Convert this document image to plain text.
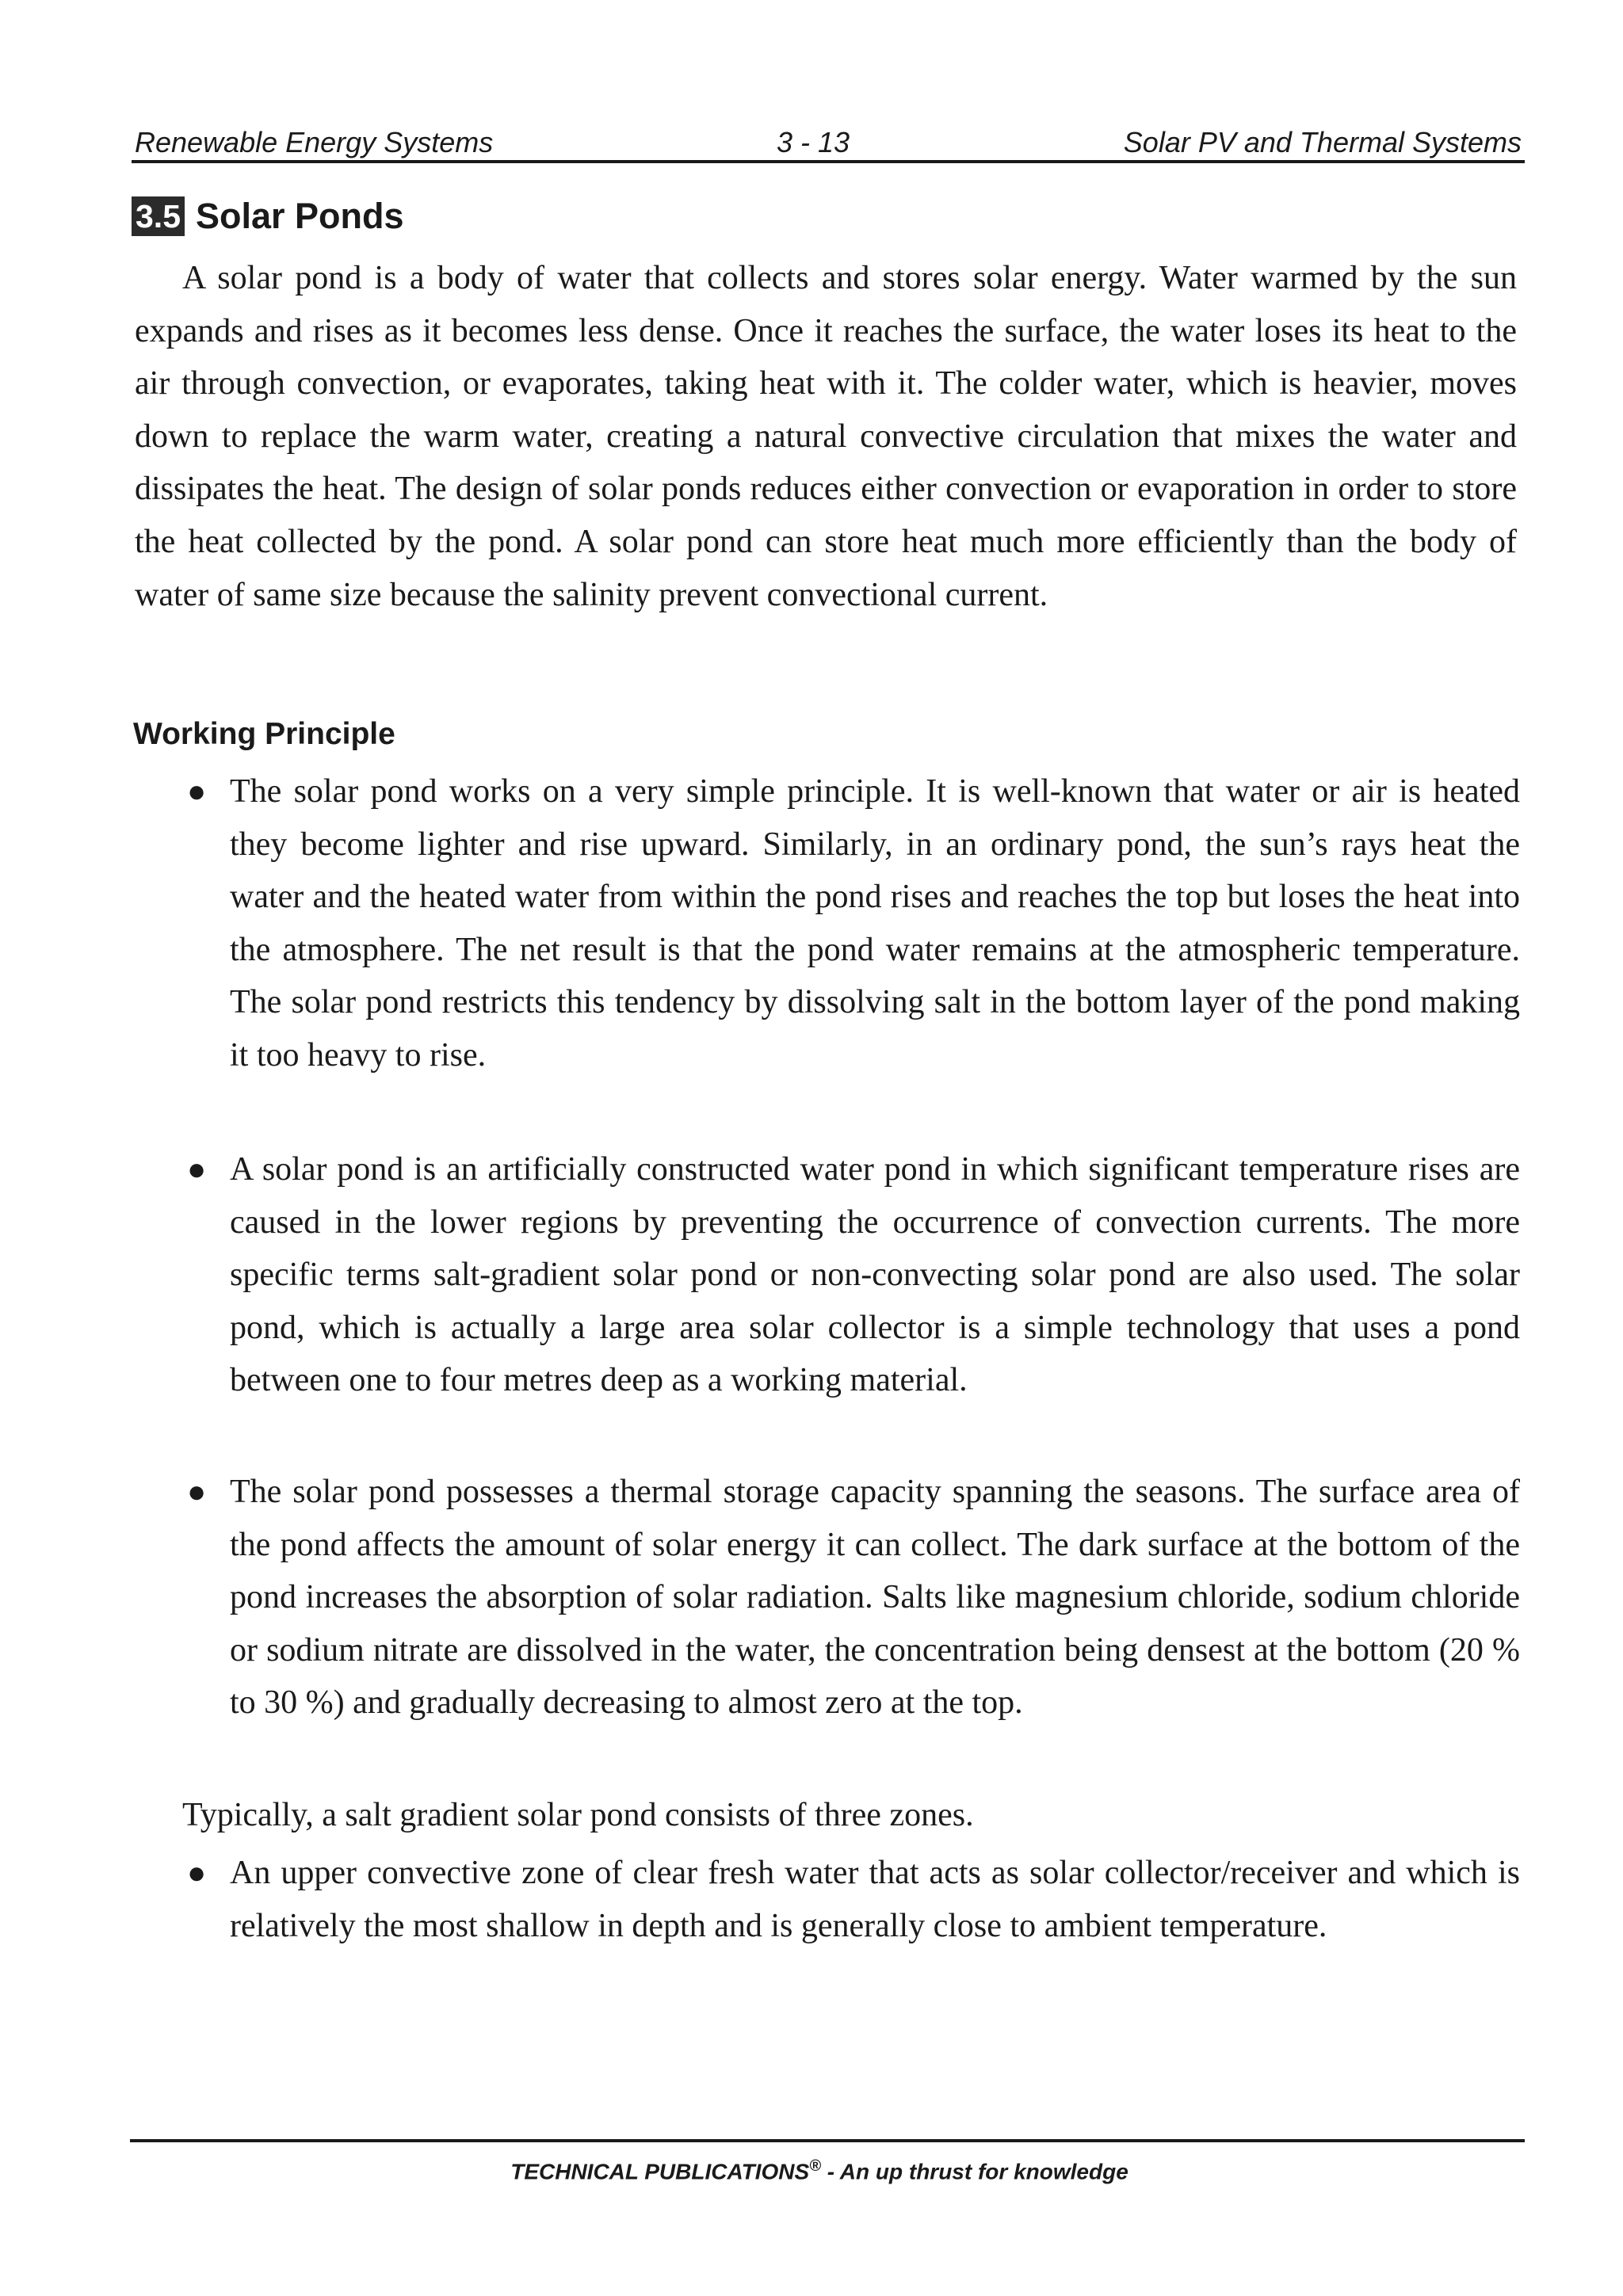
Renewable Energy Systems	3 - 13	Solar PV and Thermal Systems
3.5 Solar Ponds
A solar pond is a body of water that collects and stores solar energy. Water warmed by the sun expands and rises as it becomes less dense. Once it reaches the surface, the water loses its heat to the air through convection, or evaporates, taking heat with it. The colder water, which is heavier, moves down to replace the warm water, creating a natural convective circulation that mixes the water and dissipates the heat. The design of solar ponds reduces either convection or evaporation in order to store the heat collected by the pond. A solar pond can store heat much more efficiently than the body of water of same size because the salinity prevent convectional current.
Working Principle
● The solar pond works on a very simple principle. It is well-known that water or air is heated they become lighter and rise upward. Similarly, in an ordinary pond, the sun’s rays heat the water and the heated water from within the pond rises and reaches the top but loses the heat into the atmosphere. The net result is that the pond water remains at the atmospheric temperature. The solar pond restricts this tendency by dissolving salt in the bottom layer of the pond making it too heavy to rise.
● A solar pond is an artificially constructed water pond in which significant temperature rises are caused in the lower regions by preventing the occurrence of convection currents. The more specific terms salt-gradient solar pond or non-convecting solar pond are also used. The solar pond, which is actually a large area solar collector is a simple technology that uses a pond between one to four metres deep as a working material.
● The solar pond possesses a thermal storage capacity spanning the seasons. The surface area of the pond affects the amount of solar energy it can collect. The dark surface at the bottom of the pond increases the absorption of solar radiation. Salts like magnesium chloride, sodium chloride or sodium nitrate are dissolved in the water, the concentration being densest at the bottom (20 % to 30 %) and gradually decreasing to almost zero at the top.
Typically, a salt gradient solar pond consists of three zones.
● An upper convective zone of clear fresh water that acts as solar collector/receiver and which is relatively the most shallow in depth and is generally close to ambient temperature.
TECHNICAL PUBLICATIONS® - An up thrust for knowledge
